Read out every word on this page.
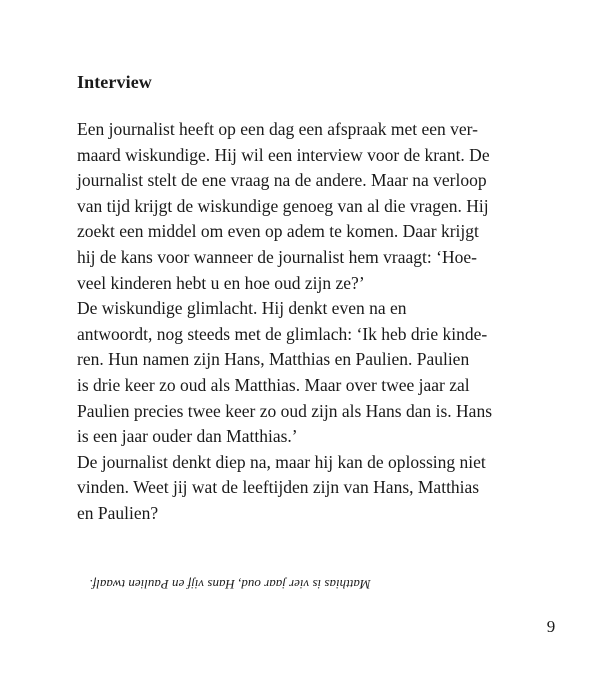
Interview

Een journalist heeft op een dag een afspraak met een ver-
maard wiskundige. Hij wil een interview voor de krant. De
journalist stelt de ene vraag na de andere. Maar na verloop
van tijd krijgt de wiskundige genoeg van al die vragen. Hij
zoekt een middel om even op adem te komen. Daar krijgt
hij de kans voor wanneer de journalist hem vraagt: ‘Hoe-
veel kinderen hebt u en hoe oud zijn ze?’
De wiskundige glimlacht. Hij denkt even na en
antwoordt, nog steeds met de glimlach: ‘Ik heb drie kinde-
ren. Hun namen zijn Hans, Matthias en Paulien. Paulien
is drie keer zo oud als Matthias. Maar over twee jaar zal
Paulien precies twee keer zo oud zijn als Hans dan is. Hans
is een jaar ouder dan Matthias.’
De journalist denkt diep na, maar hij kan de oplossing niet
vinden. Weet jij wat de leeftijden zijn van Hans, Matthias
en Paulien?

Matthias is vier jaar oud, Hans vijf en Paulien twaalf.

9
